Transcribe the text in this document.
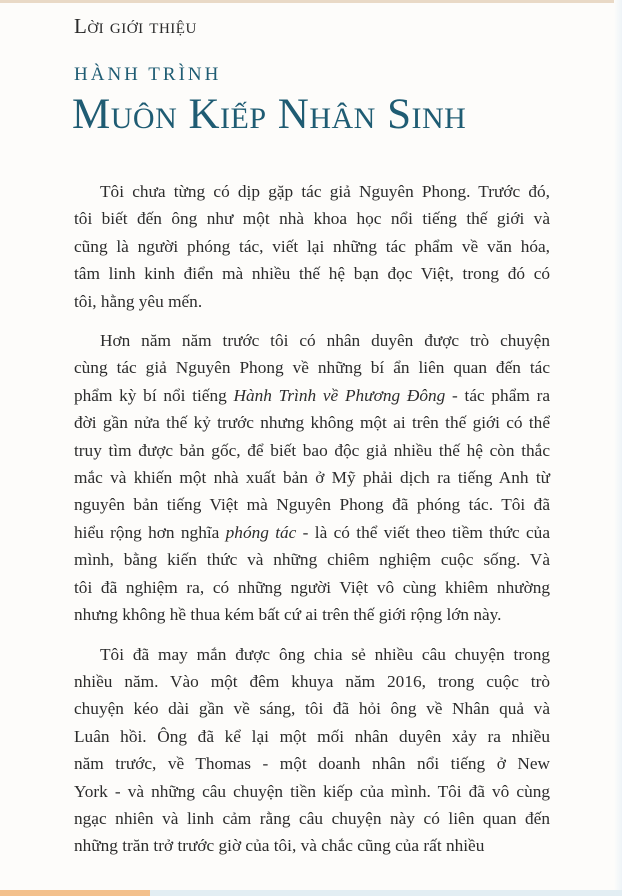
Lời giới thiệu
HÀNH TRÌNH
Muôn Kiếp Nhân Sinh
Tôi chưa từng có dịp gặp tác giả Nguyên Phong. Trước đó,
tôi biết đến ông như một nhà khoa học nổi tiếng thế giới và
cũng là người phóng tác, viết lại những tác phẩm về văn hóa,
tâm linh kinh điển mà nhiều thế hệ bạn đọc Việt, trong đó có
tôi, hằng yêu mến.
Hơn năm năm trước tôi có nhân duyên được trò chuyện
cùng tác giả Nguyên Phong về những bí ẩn liên quan đến tác
phẩm kỳ bí nổi tiếng Hành Trình về Phương Đông - tác phẩm ra
đời gần nửa thế kỷ trước nhưng không một ai trên thế giới có thể
truy tìm được bản gốc, để biết bao độc giả nhiều thế hệ còn thắc
mắc và khiến một nhà xuất bản ở Mỹ phải dịch ra tiếng Anh từ
nguyên bản tiếng Việt mà Nguyên Phong đã phóng tác. Tôi đã
hiểu rộng hơn nghĩa phóng tác - là có thể viết theo tiềm thức của
mình, bằng kiến thức và những chiêm nghiệm cuộc sống. Và
tôi đã nghiệm ra, có những người Việt vô cùng khiêm nhường
nhưng không hề thua kém bất cứ ai trên thế giới rộng lớn này.
Tôi đã may mắn được ông chia sẻ nhiều câu chuyện trong
nhiều năm. Vào một đêm khuya năm 2016, trong cuộc trò
chuyện kéo dài gần về sáng, tôi đã hỏi ông về Nhân quả và
Luân hồi. Ông đã kể lại một mối nhân duyên xảy ra nhiều
năm trước, về Thomas - một doanh nhân nổi tiếng ở New
York - và những câu chuyện tiền kiếp của mình. Tôi đã vô cùng
ngạc nhiên và linh cảm rằng câu chuyện này có liên quan đến
những trăn trở trước giờ của tôi, và chắc cũng của rất nhiều
